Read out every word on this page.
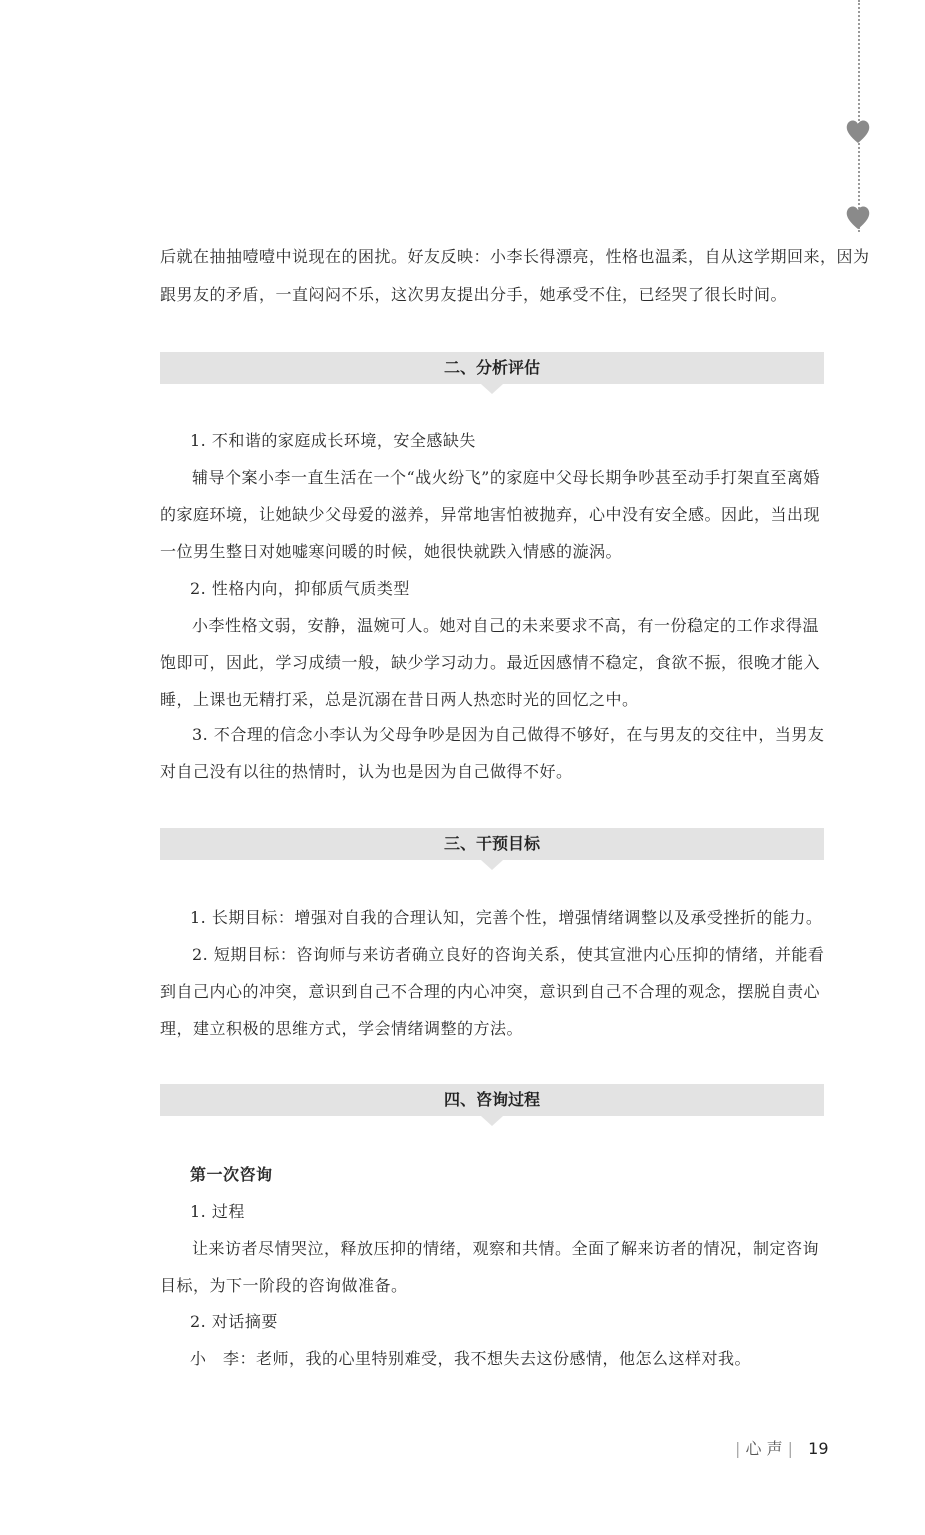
后就在抽抽噎噎中说现在的困扰。好友反映：小李长得漂亮，性格也温柔，自从这学期回来，因为

跟男友的矛盾，一直闷闷不乐，这次男友提出分手，她承受不住，已经哭了很长时间。

二、分析评估

1. 不和谐的家庭成长环境，安全感缺失

辅导个案小李一直生活在一个“战火纷飞”的家庭中父母长期争吵甚至动手打架直至离婚的家庭环境，让她缺少父母爱的滋养，异常地害怕被抛弃，心中没有安全感。因此，当出现一位男生整日对她嘘寒问暖的时候，她很快就跌入情感的漩涡。

2. 性格内向，抑郁质气质类型

小李性格文弱，安静，温婉可人。她对自己的未来要求不高，有一份稳定的工作求得温饱即可，因此，学习成绩一般，缺少学习动力。最近因感情不稳定，食欲不振，很晚才能入睡，上课也无精打采，总是沉溺在昔日两人热恋时光的回忆之中。

3. 不合理的信念小李认为父母争吵是因为自己做得不够好，在与男友的交往中，当男友对自己没有以往的热情时，认为也是因为自己做得不好。

三、干预目标

1. 长期目标：增强对自我的合理认知，完善个性，增强情绪调整以及承受挫折的能力。

2. 短期目标：咨询师与来访者确立良好的咨询关系，使其宣泄内心压抑的情绪，并能看到自己内心的冲突，意识到自己不合理的内心冲突，意识到自己不合理的观念，摆脱自责心理，建立积极的思维方式，学会情绪调整的方法。

四、咨询过程

第一次咨询

1. 过程

让来访者尽情哭泣，释放压抑的情绪，观察和共情。全面了解来访者的情况，制定咨询目标，为下一阶段的咨询做准备。

2. 对话摘要

小　李：老师，我的心里特别难受，我不想失去这份感情，他怎么这样对我。

| 心 声 | 19
